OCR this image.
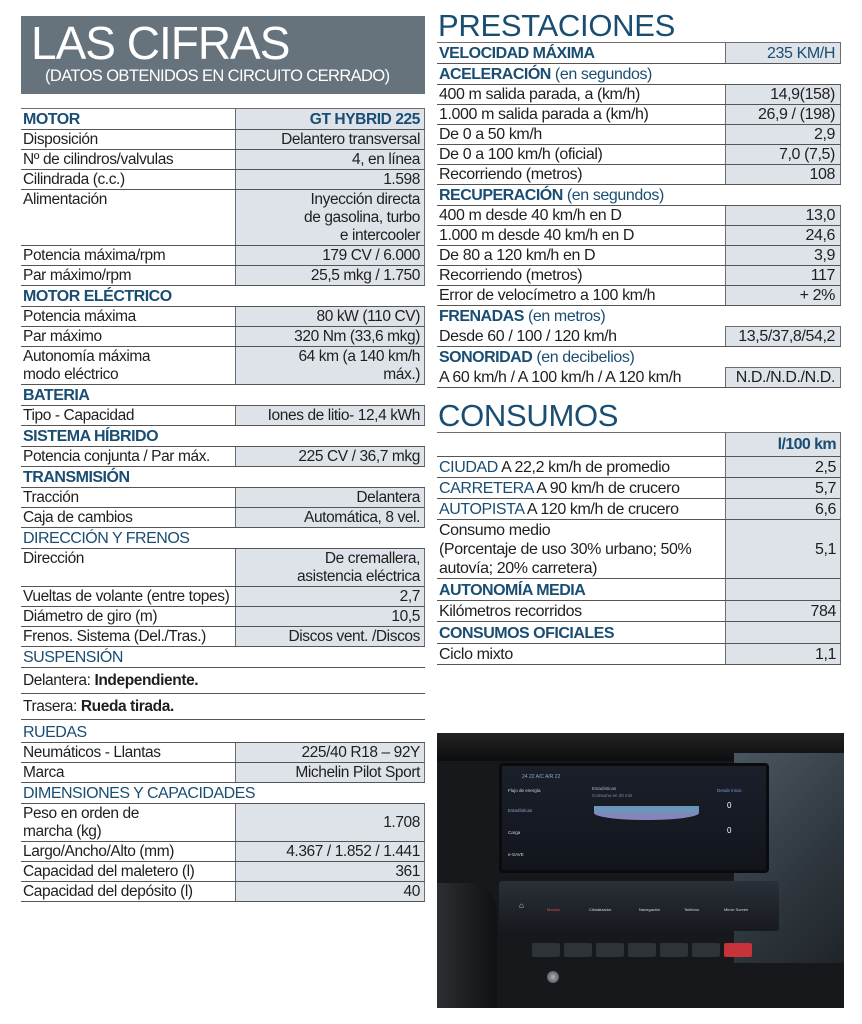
LAS CIFRAS
(DATOS OBTENIDOS EN CIRCUITO CERRADO)
MOTOR	GT HYBRID 225
Disposición	Delantero transversal
Nº de cilindros/valvulas	4, en línea
Cilindrada (c.c.)	1.598
Alimentación	Inyección directa de gasolina, turbo e intercooler
Potencia máxima/rpm	179 CV / 6.000
Par máximo/rpm	25,5 mkg / 1.750
MOTOR ELÉCTRICO	
Potencia máxima	80 kW (110 CV)
Par máximo	320 Nm (33,6 mkg)
Autonomía máxima modo eléctrico	64 km (a 140 km/h máx.)
BATERIA	
Tipo - Capacidad	Iones de litio- 12,4 kWh
SISTEMA HÍBRIDO	
Potencia conjunta / Par máx.	225 CV / 36,7 mkg
TRANSMISIÓN	
Tracción	Delantera
Caja de cambios	Automática, 8 vel.
DIRECCIÓN Y FRENOS	
Dirección	De cremallera, asistencia eléctrica
Vueltas de volante (entre topes)	2,7
Diámetro de giro (m)	10,5
Frenos. Sistema (Del./Tras.)	Discos vent. /Discos
SUSPENSIÓN	
Delantera: Independiente.	
Trasera: Rueda tirada.	
RUEDAS	
Neumáticos - Llantas	225/40 R18 – 92Y
Marca	Michelin Pilot Sport
DIMENSIONES Y CAPACIDADES	
Peso en orden de marcha (kg)	1.708
Largo/Ancho/Alto (mm)	4.367 / 1.852 / 1.441
Capacidad del maletero (l)	361
Capacidad del depósito (l)	40
PRESTACIONES
VELOCIDAD MÁXIMA	235 KM/H
ACELERACIÓN (en segundos)	
400 m salida parada, a (km/h)	14,9(158)
1.000 m salida parada a (km/h)	26,9 / (198)
De 0 a 50 km/h	2,9
De 0 a 100 km/h (oficial)	7,0 (7,5)
Recorriendo (metros)	108
RECUPERACIÓN (en segundos)	
400 m desde 40 km/h en D	13,0
1.000 m desde 40 km/h en D	24,6
De 80 a 120 km/h en D	3,9
Recorriendo (metros)	117
Error de velocímetro a 100 km/h	+ 2%
FRENADAS (en metros)	
Desde 60 / 100 / 120 km/h	13,5/37,8/54,2
SONORIDAD (en decibelios)	
A 60 km/h / A 100 km/h / A 120 km/h	N.D./N.D./N.D.
CONSUMOS
	l/100 km
CIUDAD A 22,2 km/h de promedio	2,5
CARRETERA A 90 km/h de crucero	5,7
AUTOPISTA A 120 km/h de crucero	6,6

Consumo medio
(Porcentaje de uso 30% urbano; 50% autovía; 20% carretera)	5,1
AUTONOMÍA MEDIA	
Kilómetros recorridos	784
CONSUMOS OFICIALES	
Ciclo mixto	1,1
24 22 A/C A/R 22
Flujo de energía
Estadísticas
Carga
e-SAVE
Estadísticas
Consumo en 30 min
Desde inicio
0
0
⌂	Medios	Climatizador	Navegación	Teléfono	Mirror Screen
